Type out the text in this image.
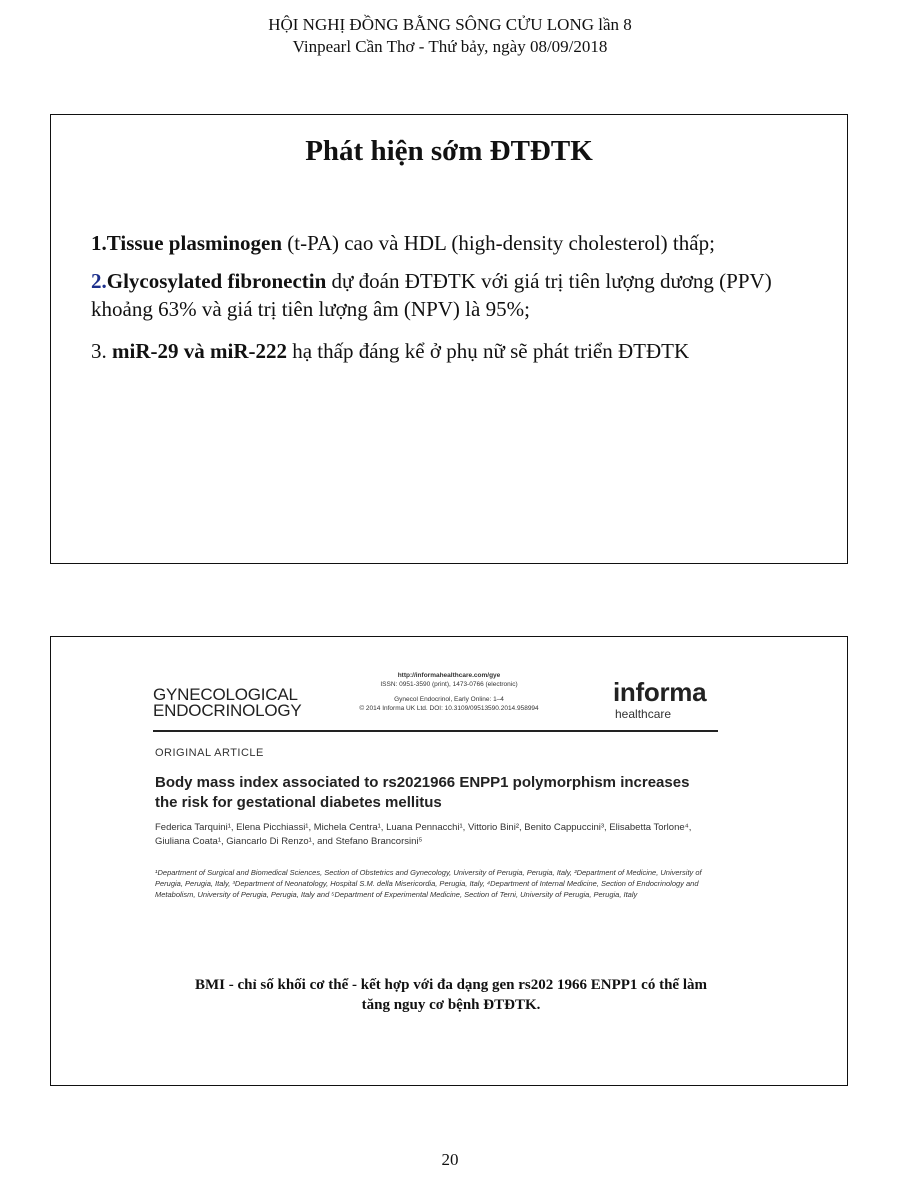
HỘI NGHỊ ĐỒNG BẰNG SÔNG CỬU LONG lần 8
Vinpearl Cần Thơ - Thứ bảy, ngày 08/09/2018
Phát hiện sớm ĐTĐTK
1.Tissue plasminogen (t-PA) cao và HDL (high-density cholesterol) thấp;
2.Glycosylated fibronectin dự đoán ĐTĐTK với giá trị tiên lượng dương (PPV) khoảng 63% và giá trị tiên lượng âm (NPV) là 95%;
3. miR-29 và miR-222 hạ thấp đáng kể ở phụ nữ sẽ phát triển ĐTĐTK
GYNECOLOGICAL
ENDOCRINOLOGY
http://informahealthcare.com/gye
ISSN: 0951-3590 (print), 1473-0766 (electronic)
Gynecol Endocrinol, Early Online: 1–4
© 2014 Informa UK Ltd. DOI: 10.3109/09513590.2014.958994
informa
healthcare
ORIGINAL ARTICLE
Body mass index associated to rs2021966 ENPP1 polymorphism increases the risk for gestational diabetes mellitus
Federica Tarquini¹, Elena Picchiassi¹, Michela Centra¹, Luana Pennacchi¹, Vittorio Bini², Benito Cappuccini³, Elisabetta Torlone⁴, Giuliana Coata¹, Giancarlo Di Renzo¹, and Stefano Brancorsini⁵
¹Department of Surgical and Biomedical Sciences, Section of Obstetrics and Gynecology, University of Perugia, Perugia, Italy, ²Department of Medicine, University of Perugia, Perugia, Italy, ³Department of Neonatology, Hospital S.M. della Misericordia, Perugia, Italy, ⁴Department of Internal Medicine, Section of Endocrinology and Metabolism, University of Perugia, Perugia, Italy and ⁵Department of Experimental Medicine, Section of Terni, University of Perugia, Perugia, Italy
BMI - chỉ số khối cơ thể - kết hợp với đa dạng gen rs202 1966 ENPP1 có thể làm
tăng nguy cơ bệnh ĐTĐTK.
20
